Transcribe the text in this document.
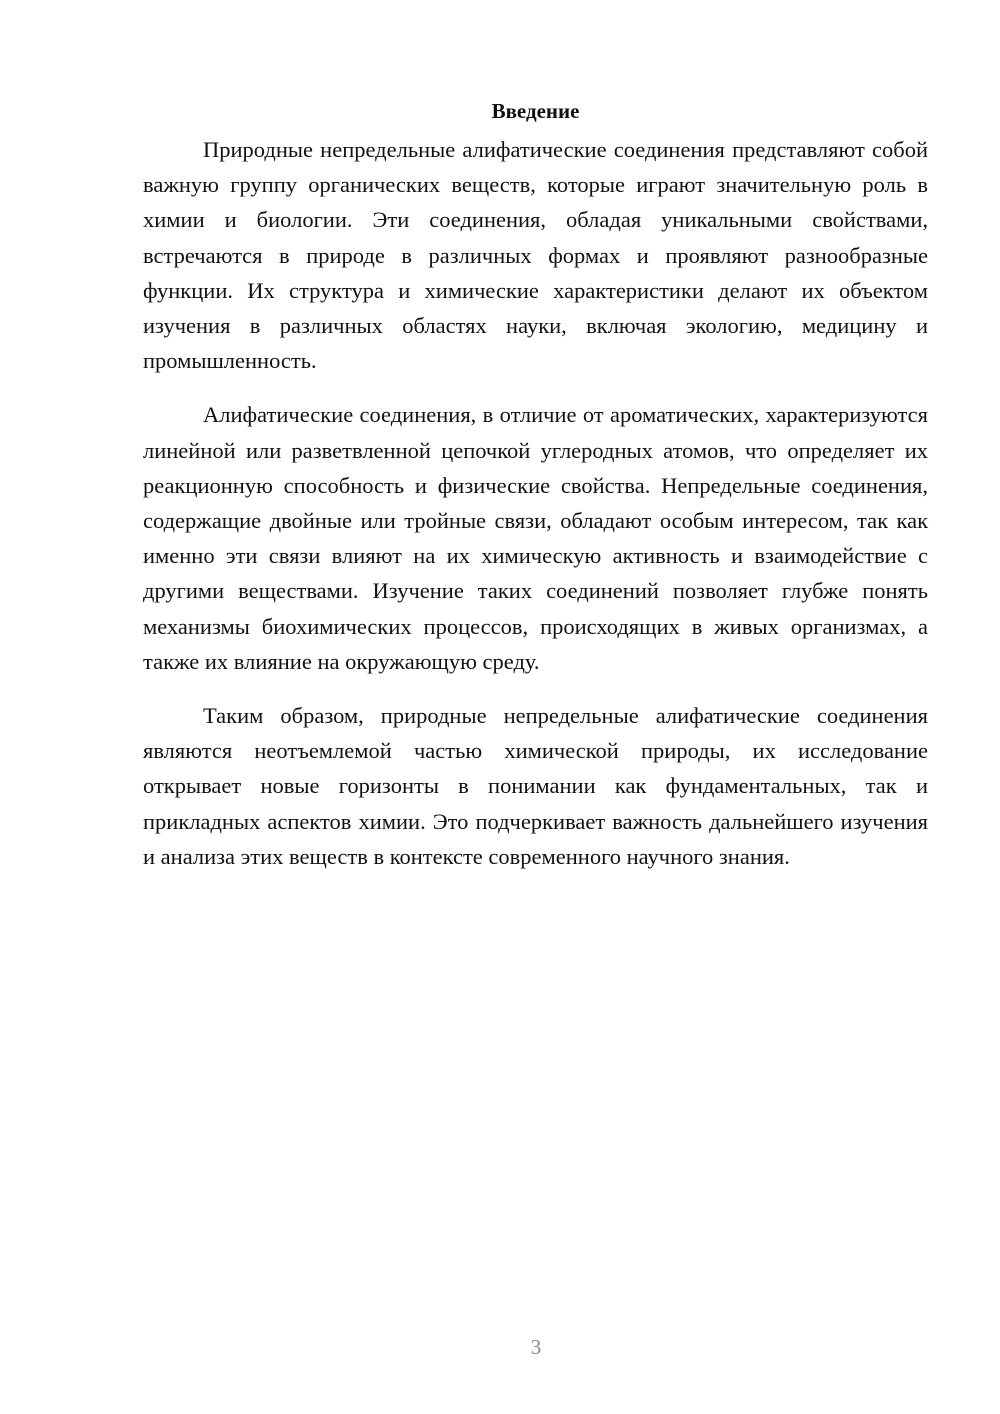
Введение

Природные непредельные алифатические соединения представляют собой важную группу органических веществ, которые играют значительную роль в химии и биологии. Эти соединения, обладая уникальными свойствами, встречаются в природе в различных формах и проявляют разнообразные функции. Их структура и химические характеристики делают их объектом изучения в различных областях науки, включая экологию, медицину и промышленность.

Алифатические соединения, в отличие от ароматических, характеризуются линейной или разветвленной цепочкой углеродных атомов, что определяет их реакционную способность и физические свойства. Непредельные соединения, содержащие двойные или тройные связи, обладают особым интересом, так как именно эти связи влияют на их химическую активность и взаимодействие с другими веществами. Изучение таких соединений позволяет глубже понять механизмы биохимических процессов, происходящих в живых организмах, а также их влияние на окружающую среду.

Таким образом, природные непредельные алифатические соединения являются неотъемлемой частью химической природы, их исследование открывает новые горизонты в понимании как фундаментальных, так и прикладных аспектов химии. Это подчеркивает важность дальнейшего изучения и анализа этих веществ в контексте современного научного знания.

3
